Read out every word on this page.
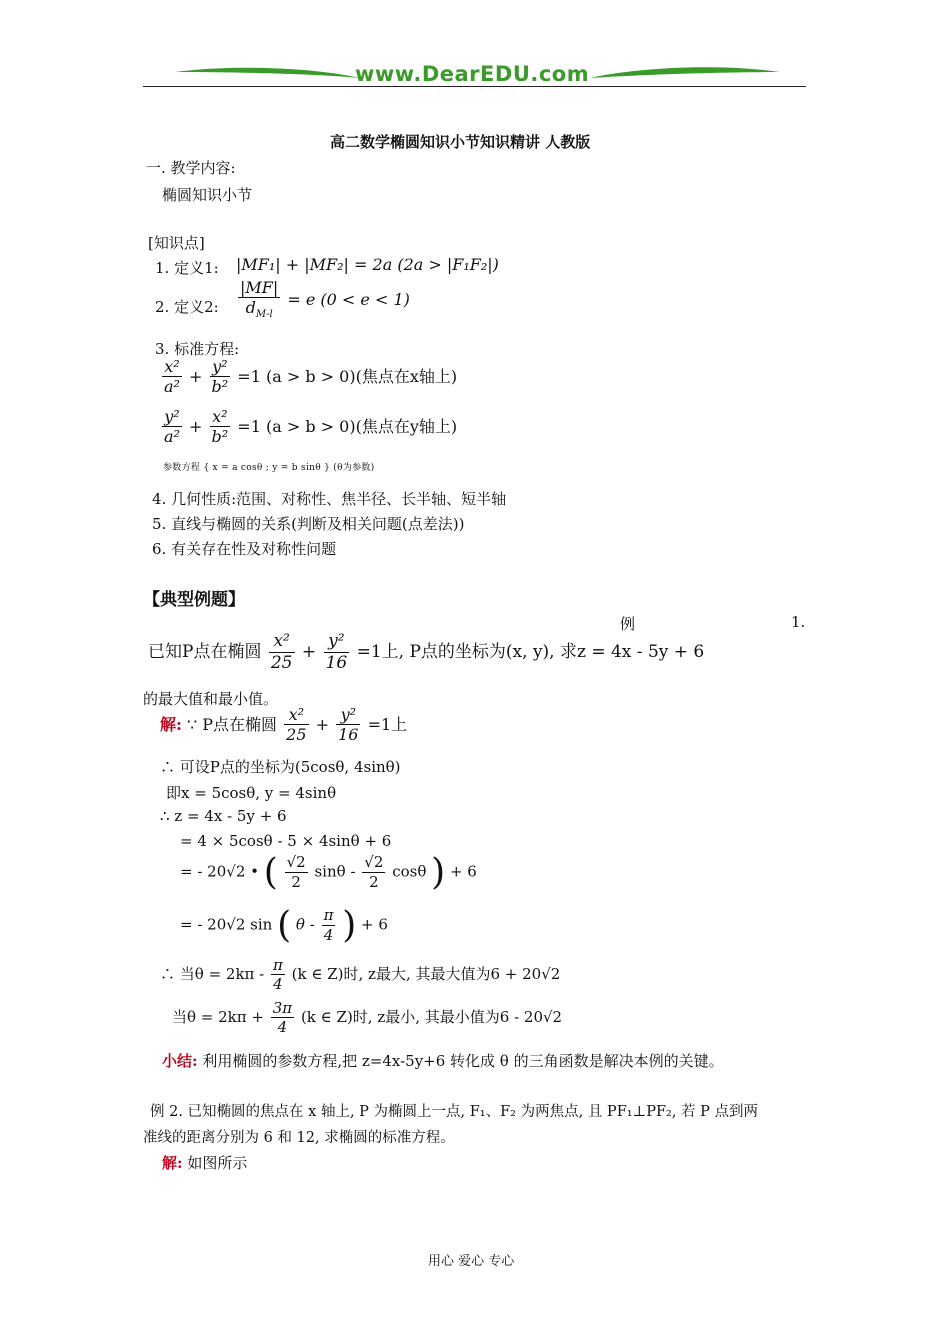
www.DearEDU.com
高二数学椭圆知识小节知识精讲 人教版
一. 教学内容:
椭圆知识小节
[知识点]
1. 定义1: |MF₁| + |MF₂| = 2a (2a > |F₁F₂|)
2. 定义2: $\frac{|MF|}{d_{M-l}} = e$ (0 < e < 1)
3. 标准方程:
$\frac{\text{x²}}{\text{a²}} + \frac{\text{y²}}{\text{b²}} =1$ (a > b > 0)(焦点在x轴上)
$\frac{\text{y²}}{\text{a²}} + \frac{\text{x²}}{\text{b²}} =1$ (a > b > 0)(焦点在y轴上)
参数方程 { x = a cosθ ; y = b sinθ } (θ为参数)
4. 几何性质:范围、对称性、焦半径、长半轴、短半轴
5. 直线与椭圆的关系(判断及相关问题(点差法))
6. 有关存在性及对称性问题
【典型例题】
例	1.
已知P点在椭圆 $\frac{\text{x²}}{25} + \frac{\text{y²}}{16} =1$上, P点的坐标为(x, y), 求z = 4x - 5y + 6
的最大值和最小值。
解: ∵ P点在椭圆 $\frac{\text{x²}}{25} + \frac{\text{y²}}{16} =1$上
∴ 可设P点的坐标为(5cosθ, 4sinθ)
即x = 5cosθ, y = 4sinθ
∴ z = 4x - 5y + 6
= 4 × 5cosθ - 5 × 4sinθ + 6
= - 20√2 • ( $\frac{√2}{2}$ sinθ - $\frac{√2}{2}$ cosθ ) + 6
= - 20√2 sin ( θ - $\frac{\pi}{4}$ ) + 6
∴ 当$\theta = 2k\pi - \frac{\pi}{4} (k$ ∈ Z)时, z最大, 其最大值为6 + 20√2
当$\theta = 2k\pi + \frac{3\pi}{4} (k$ ∈ Z)时, z最小, 其最小值为6 - 20√2
小结: 利用椭圆的参数方程,把 z=4x-5y+6 转化成 θ 的三角函数是解决本例的关键。
例 2. 已知椭圆的焦点在 x 轴上, P 为椭圆上一点, F₁、F₂ 为两焦点, 且 PF₁⊥PF₂, 若 P 点到两
准线的距离分别为 6 和 12, 求椭圆的标准方程。
解: 如图所示
用心 爱心 专心
